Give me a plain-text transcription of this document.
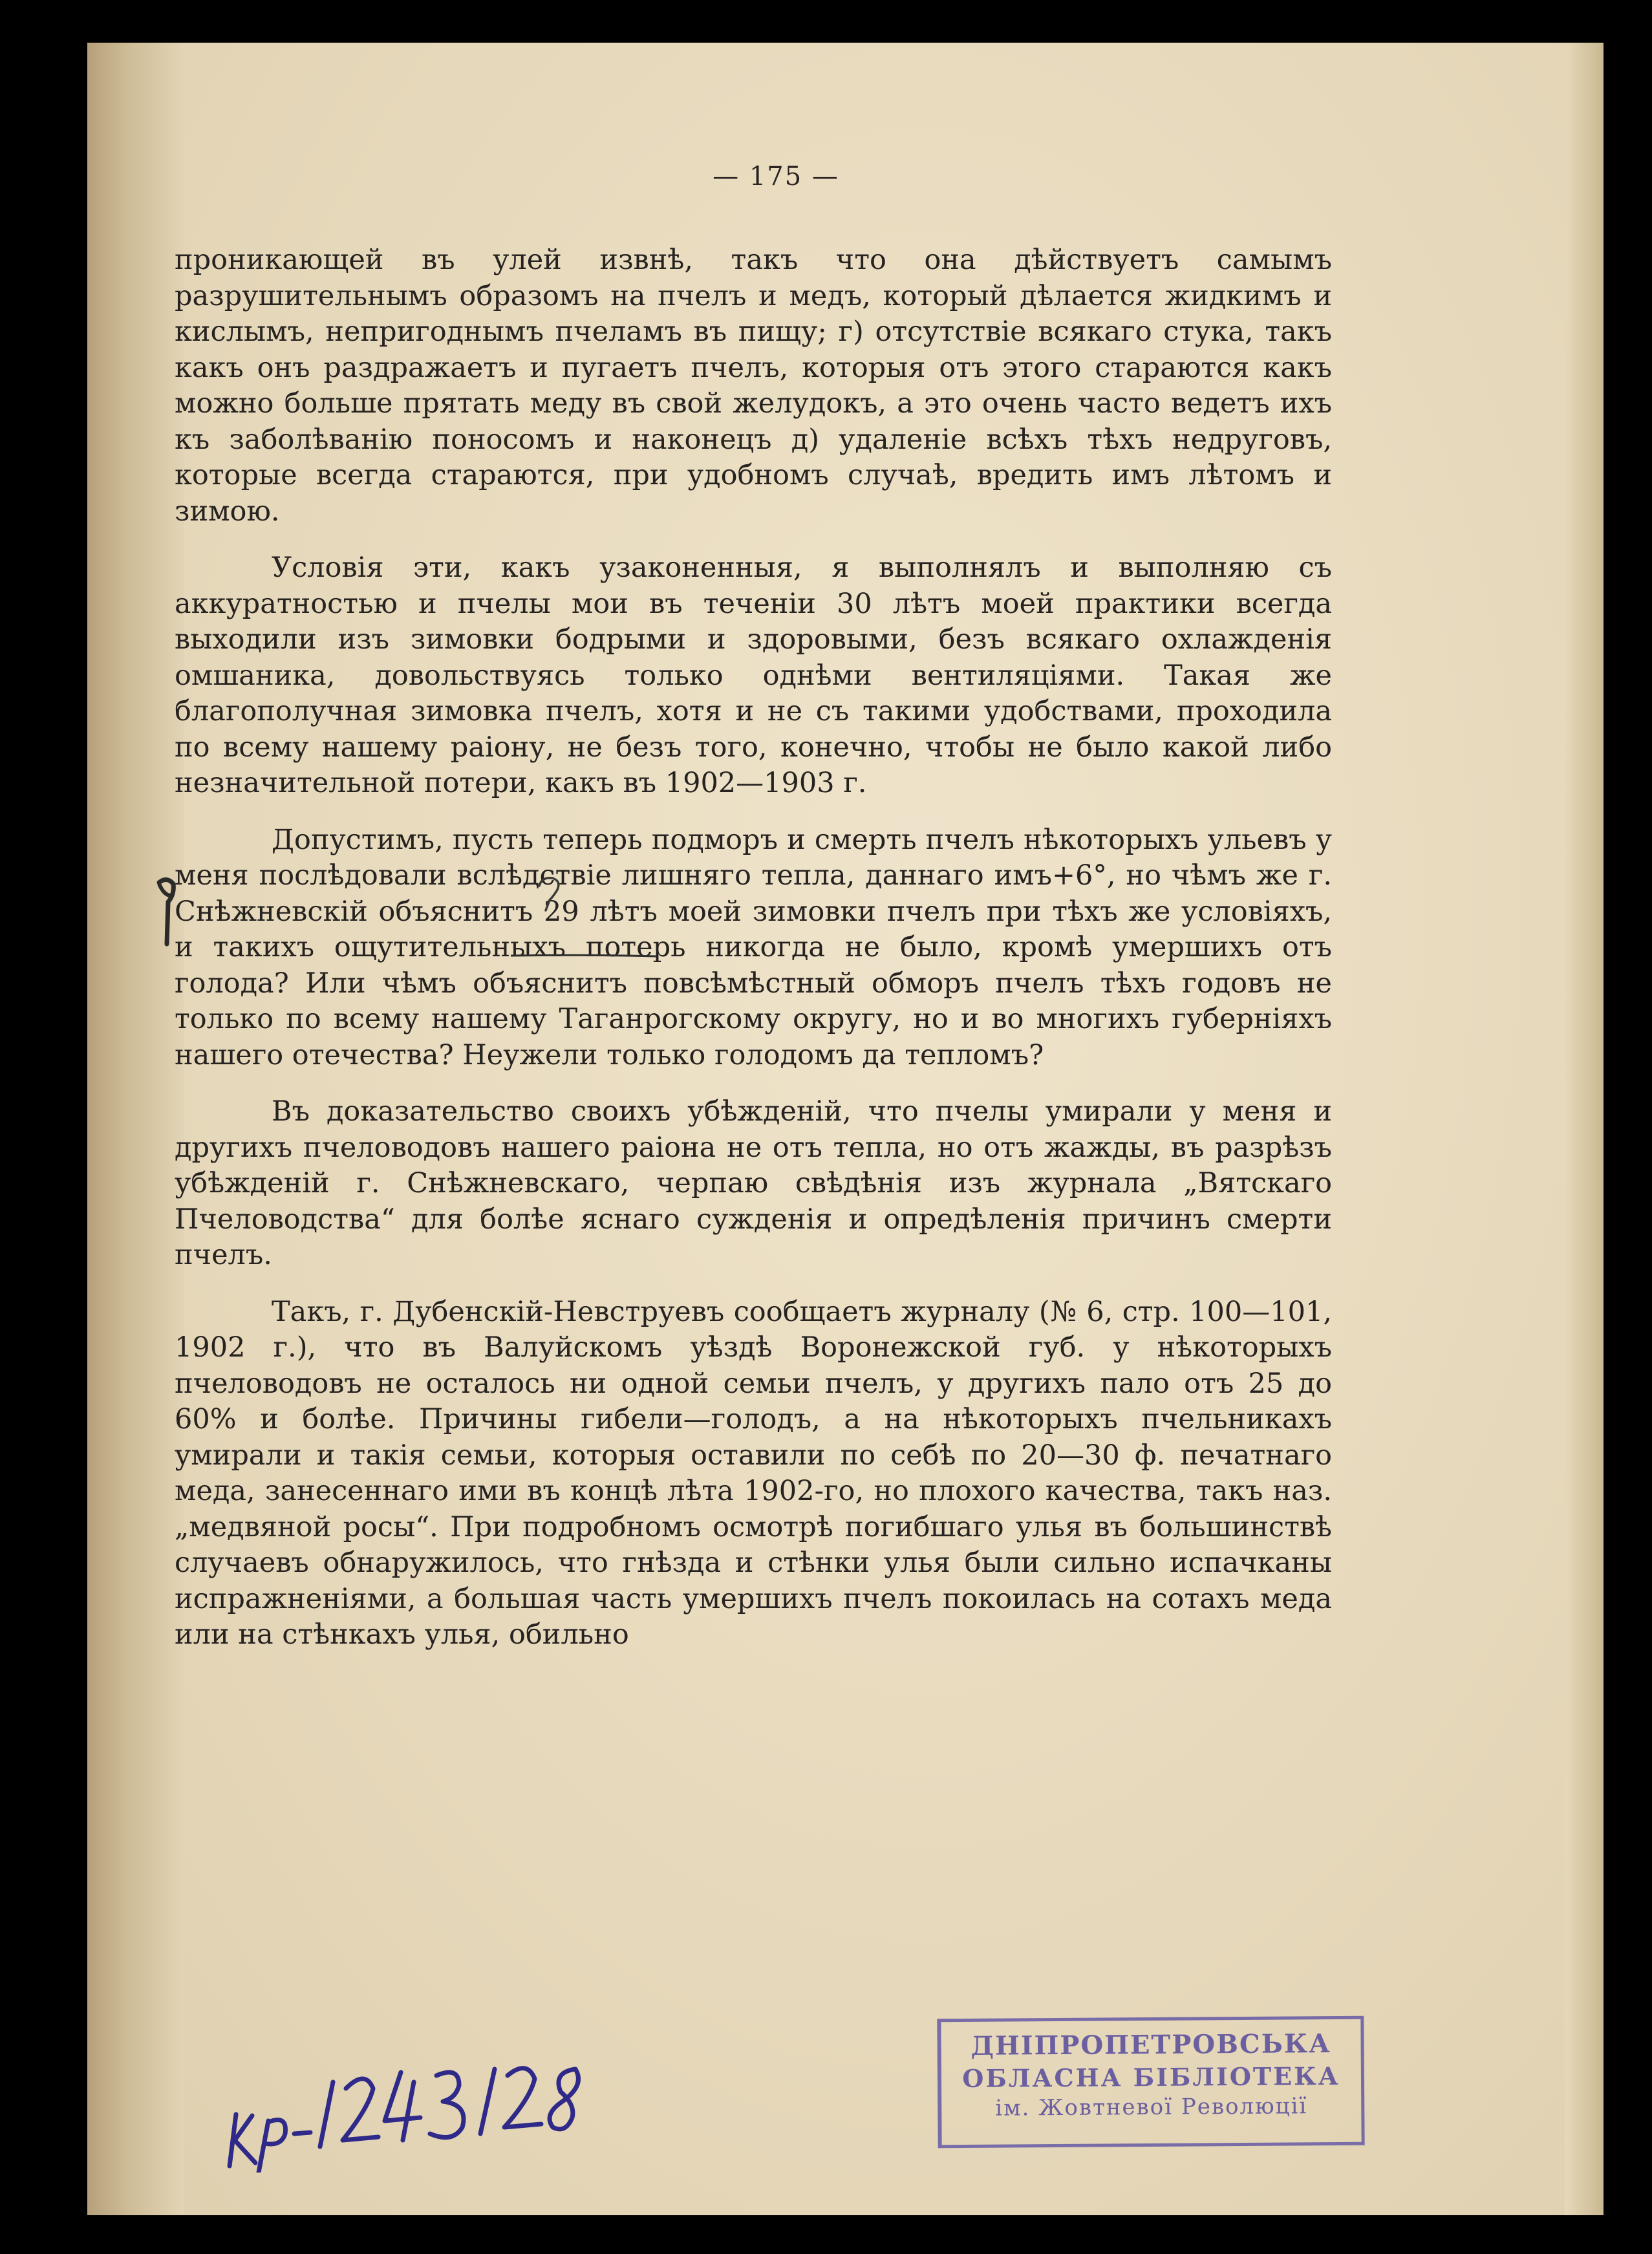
— 175 —

проникающей въ улей извнѣ, такъ что она дѣйствуетъ самымъ разрушительнымъ образомъ на пчелъ и медъ, который дѣлается жидкимъ и кислымъ, непригоднымъ пчеламъ въ пищу; г) отсутствіе всякаго стука, такъ какъ онъ раздражаетъ и пугаетъ пчелъ, которыя отъ этого стараются какъ можно больше прятать меду въ свой желудокъ, а это очень часто ведетъ ихъ къ заболѣванію поносомъ и наконецъ д) удаленіе всѣхъ тѣхъ недруговъ, которые всегда стараются, при удобномъ случаѣ, вредить имъ лѣтомъ и зимою.

Условія эти, какъ узаконенныя, я выполнялъ и выполняю съ аккуратностью и пчелы мои въ теченіи 30 лѣтъ моей практики всегда выходили изъ зимовки бодрыми и здоровыми, безъ всякаго охлажденія омшаника, довольствуясь только однѣми вентиляціями. Такая же благополучная зимовка пчелъ, хотя и не съ такими удобствами, проходила по всему нашему раіону, не безъ того, конечно, чтобы не было какой либо незначительной потери, какъ въ 1902—1903 г.

Допустимъ, пусть теперь подморъ и смерть пчелъ нѣкоторыхъ ульевъ у меня послѣдовали вслѣдствіе лишняго тепла, даннаго имъ+6°, но чѣмъ же г. Снѣжневскій объяснитъ 29 лѣтъ моей зимовки пчелъ при тѣхъ же условіяхъ, и такихъ ощутительныхъ потерь никогда не было, кромѣ умершихъ отъ голода? Или чѣмъ объяснитъ повсѣмѣстный обморъ пчелъ тѣхъ годовъ не только по всему нашему Таганрогскому округу, но и во многихъ губерніяхъ нашего отечества? Неужели только голодомъ да тепломъ?

Въ доказательство своихъ убѣжденій, что пчелы умирали у меня и другихъ пчеловодовъ нашего раіона не отъ тепла, но отъ жажды, въ разрѣзъ убѣжденій г. Снѣжневскаго, черпаю свѣдѣнія изъ журнала „Вятскаго Пчеловодства“ для болѣе яснаго сужденія и опредѣленія причинъ смерти пчелъ.

Такъ, г. Дубенскій-Невструевъ сообщаетъ журналу (№ 6, стр. 100—101, 1902 г.), что въ Валуйскомъ уѣздѣ Воронежской губ. у нѣкоторыхъ пчеловодовъ не осталось ни одной семьи пчелъ, у другихъ пало отъ 25 до 60% и болѣе. Причины гибели—голодъ, а на нѣкоторыхъ пчельникахъ умирали и такія семьи, которыя оставили по себѣ по 20—30 ф. печатнаго меда, занесеннаго ими въ концѣ лѣта 1902-го, но плохого качества, такъ наз. „медвяной росы“. При подробномъ осмотрѣ погибшаго улья въ большинствѣ случаевъ обнаружилось, что гнѣзда и стѣнки улья были сильно испачканы испражненіями, а большая часть умершихъ пчелъ покоилась на сотахъ меда или на стѣнкахъ улья, обильно

ДНІПРОПЕТРОВСЬКА
ОБЛАСНА БІБЛІОТЕКА
ім. Жовтневої Революції
